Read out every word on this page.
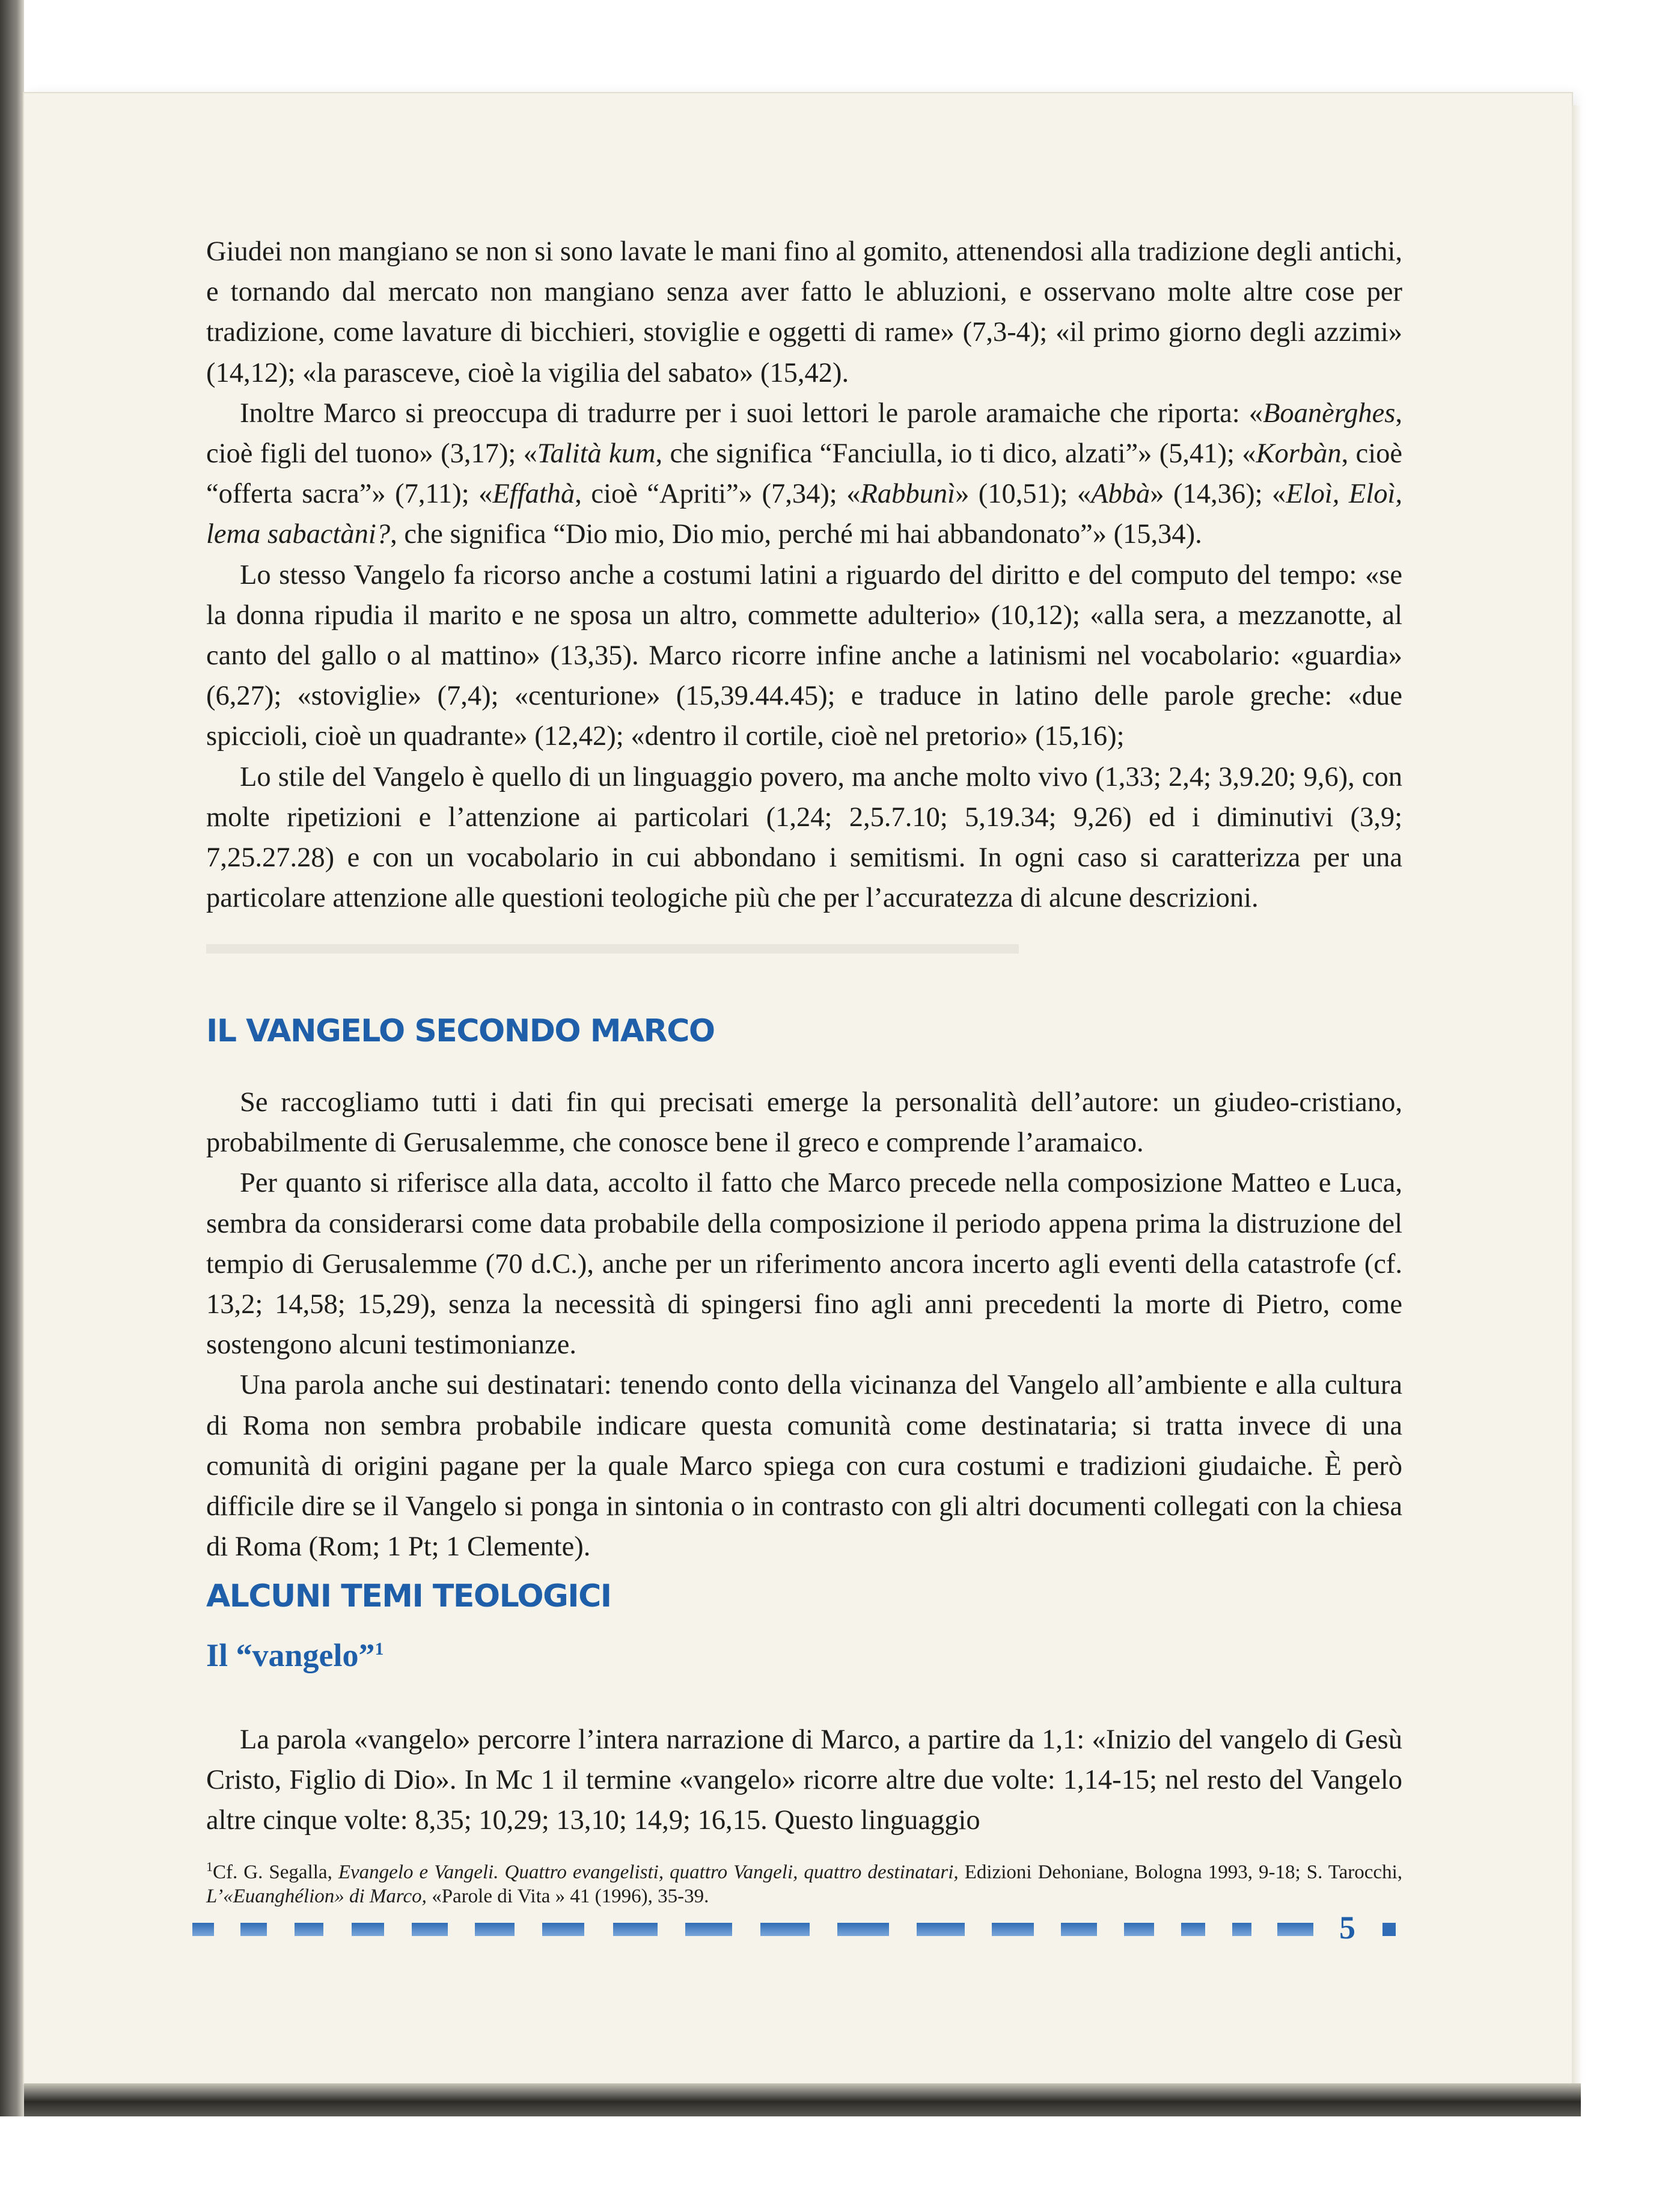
Giudei non mangiano se non si sono lavate le mani fino al gomito, attenendosi alla tradizione degli antichi, e tornando dal mercato non mangiano senza aver fatto le abluzioni, e osservano molte altre cose per tradizione, come lavature di bicchieri, stoviglie e oggetti di rame» (7,3-4); «il primo giorno degli azzimi» (14,12); «la parasceve, cioè la vigilia del sabato» (15,42).

Inoltre Marco si preoccupa di tradurre per i suoi lettori le parole aramaiche che riporta: «Boanèrghes, cioè figli del tuono» (3,17); «Talità kum, che significa “Fanciulla, io ti dico, alzati”» (5,41); «Korbàn, cioè “offerta sacra”» (7,11); «Effathà, cioè “Apriti”» (7,34); «Rabbunì» (10,51); «Abbà» (14,36); «Eloì, Eloì, lema sabactàni?, che significa “Dio mio, Dio mio, perché mi hai abbandonato”» (15,34).

Lo stesso Vangelo fa ricorso anche a costumi latini a riguardo del diritto e del computo del tempo: «se la donna ripudia il marito e ne sposa un altro, commette adulterio» (10,12); «alla sera, a mezzanotte, al canto del gallo o al mattino» (13,35). Marco ricorre infine anche a latinismi nel vocabolario: «guardia» (6,27); «stoviglie» (7,4); «centurione» (15,39.44.45); e traduce in latino delle parole greche: «due spiccioli, cioè un quadrante» (12,42); «dentro il cortile, cioè nel pretorio» (15,16);

Lo stile del Vangelo è quello di un linguaggio povero, ma anche molto vivo (1,33; 2,4; 3,9.20; 9,6), con molte ripetizioni e l’attenzione ai particolari (1,24; 2,5.7.10; 5,19.34; 9,26) ed i diminutivi (3,9; 7,25.27.28) e con un vocabolario in cui abbondano i semitismi. In ogni caso si caratterizza per una particolare attenzione alle questioni teologiche più che per l’accuratezza di alcune descrizioni.

IL VANGELO SECONDO MARCO

Se raccogliamo tutti i dati fin qui precisati emerge la personalità dell’autore: un giudeo-cristiano, probabilmente di Gerusalemme, che conosce bene il greco e comprende l’aramaico.

Per quanto si riferisce alla data, accolto il fatto che Marco precede nella composizione Matteo e Luca, sembra da considerarsi come data probabile della composizione il periodo appena prima la distruzione del tempio di Gerusalemme (70 d.C.), anche per un riferimento ancora incerto agli eventi della catastrofe (cf. 13,2; 14,58; 15,29), senza la necessità di spingersi fino agli anni precedenti la morte di Pietro, come sostengono alcuni testimonianze.

Una parola anche sui destinatari: tenendo conto della vicinanza del Vangelo all’ambiente e alla cultura di Roma non sembra probabile indicare questa comunità come destinataria; si tratta invece di una comunità di origini pagane per la quale Marco spiega con cura costumi e tradizioni giudaiche. È però difficile dire se il Vangelo si ponga in sintonia o in contrasto con gli altri documenti collegati con la chiesa di Roma (Rom; 1 Pt; 1 Clemente).

ALCUNI TEMI TEOLOGICI
Il “vangelo”$^1$

La parola «vangelo» percorre l’intera narrazione di Marco, a partire da 1,1: «Inizio del vangelo di Gesù Cristo, Figlio di Dio». In Mc 1 il termine «vangelo» ricorre altre due volte: 1,14-15; nel resto del Vangelo altre cinque volte: 8,35; 10,29; 13,10; 14,9; 16,15. Questo linguaggio

$^1$Cf. G. Segalla, Evangelo e Vangeli. Quattro evangelisti, quattro Vangeli, quattro destinatari, Edizioni Dehoniane, Bologna 1993, 9-18; S. Tarocchi, L’«Euanghélion» di Marco, «Parole di Vita » 41 (1996), 35-39.
5
